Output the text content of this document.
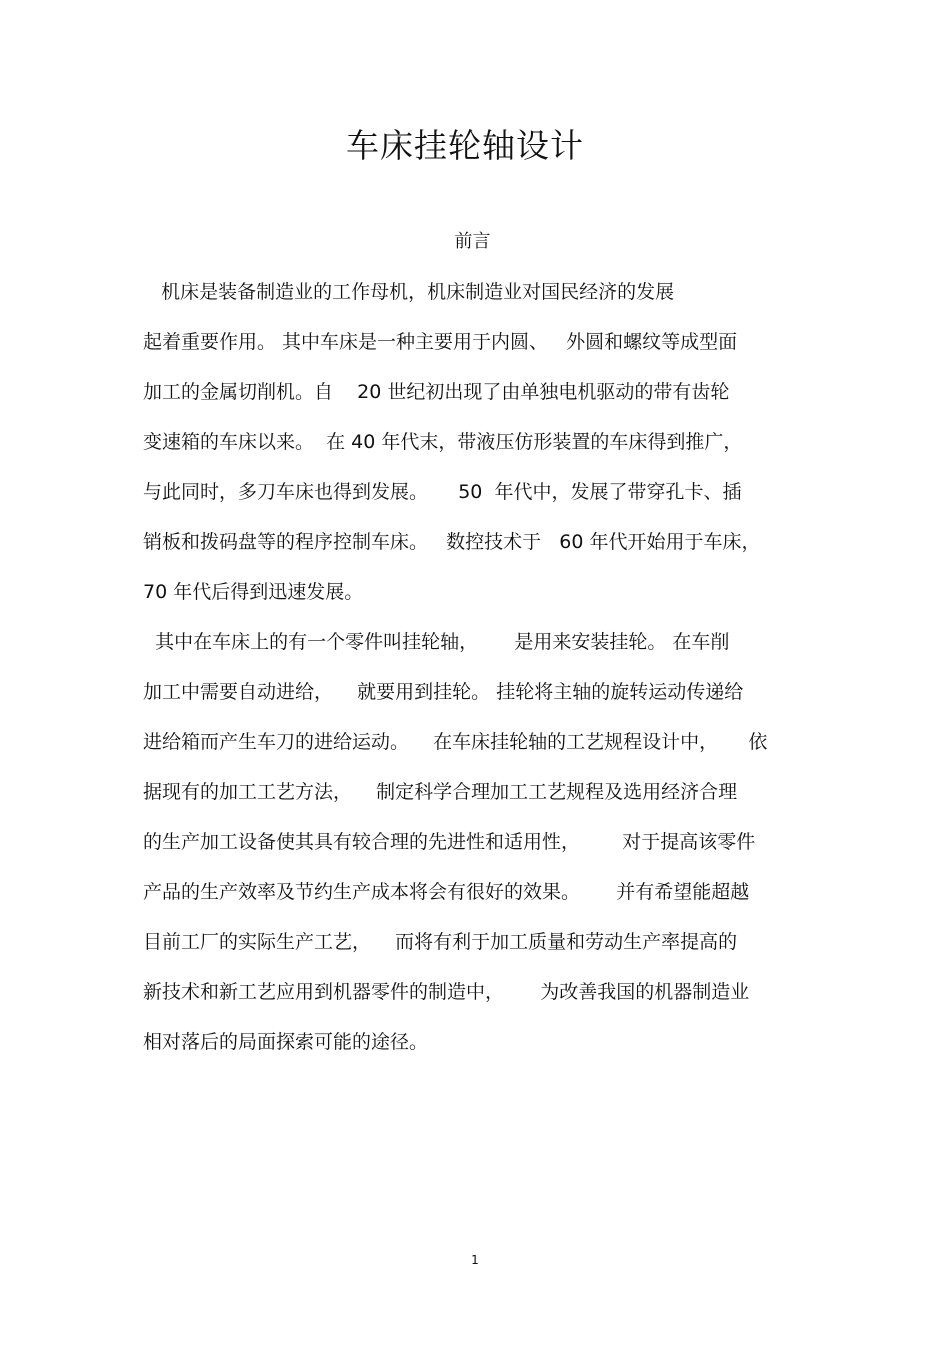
车床挂轮轴设计
前言
机床是装备制造业的工作母机，机床制造业对国民经济的发展
起着重要作用。 其中车床是一种主要用于内圆、   外圆和螺纹等成型面
加工的金属切削机。自    20 世纪初出现了由单独电机驱动的带有齿轮
变速箱的车床以来。  在 40 年代末，带液压仿形装置的车床得到推广，
与此同时，多刀车床也得到发展。     50  年代中，发展了带穿孔卡、插
销板和拨码盘等的程序控制车床。   数控技术于   60 年代开始用于车床，
70 年代后得到迅速发展。
其中在车床上的有一个零件叫挂轮轴，      是用来安装挂轮。 在车削
加工中需要自动进给，    就要用到挂轮。 挂轮将主轴的旋转运动传递给
进给箱而产生车刀的进给运动。    在车床挂轮轴的工艺规程设计中，     依
据现有的加工工艺方法，    制定科学合理加工工艺规程及选用经济合理
的生产加工设备使其具有较合理的先进性和适用性，       对于提高该零件
产品的生产效率及节约生产成本将会有很好的效果。      并有希望能超越
目前工厂的实际生产工艺，    而将有利于加工质量和劳动生产率提高的
新技术和新工艺应用到机器零件的制造中，      为改善我国的机器制造业
相对落后的局面探索可能的途径。
1
